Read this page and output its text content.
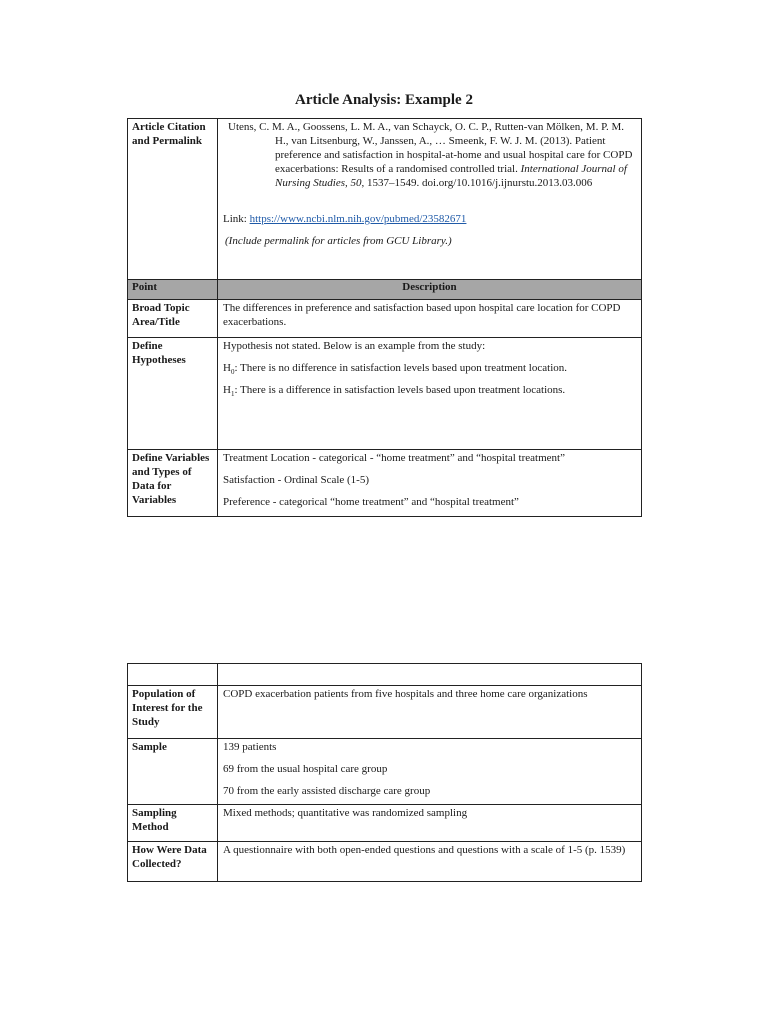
Article Analysis: Example 2
Article Citation and Permalink	Utens, C. M. A., Goossens, L. M. A., van Schayck, O. C. P., Rutten-van Mölken, M. P. M. H., van Litsenburg, W., Janssen, A., … Smeenk, F. W. J. M. (2013). Patient preference and satisfaction in hospital-at-home and usual hospital care for COPD exacerbations: Results of a randomised controlled trial. International Journal of Nursing Studies, 50, 1537–1549. doi.org/10.1016/j.ijnurstu.2013.03.006

Link: https://www.ncbi.nlm.nih.gov/pubmed/23582671

(Include permalink for articles from GCU Library.)

Point	Description
Broad Topic Area/Title	The differences in preference and satisfaction based upon hospital care location for COPD exacerbations.
Define Hypotheses	Hypothesis not stated. Below is an example from the study:

$H_0$: There is no difference in satisfaction levels based upon treatment location.

$H_1$: There is a difference in satisfaction levels based upon treatment locations.

Define Variables and Types of Data for Variables	Treatment Location - categorical - “home treatment” and “hospital treatment”

Satisfaction - Ordinal Scale (1-5)

Preference - categorical “home treatment” and “hospital treatment”

Population of Interest for the Study	COPD exacerbation patients from five hospitals and three home care organizations
Sample	139 patients

69 from the usual hospital care group

70 from the early assisted discharge care group

Sampling Method	Mixed methods; quantitative was randomized sampling
How Were Data Collected?	A questionnaire with both open-ended questions and questions with a scale of 1-5 (p. 1539)
